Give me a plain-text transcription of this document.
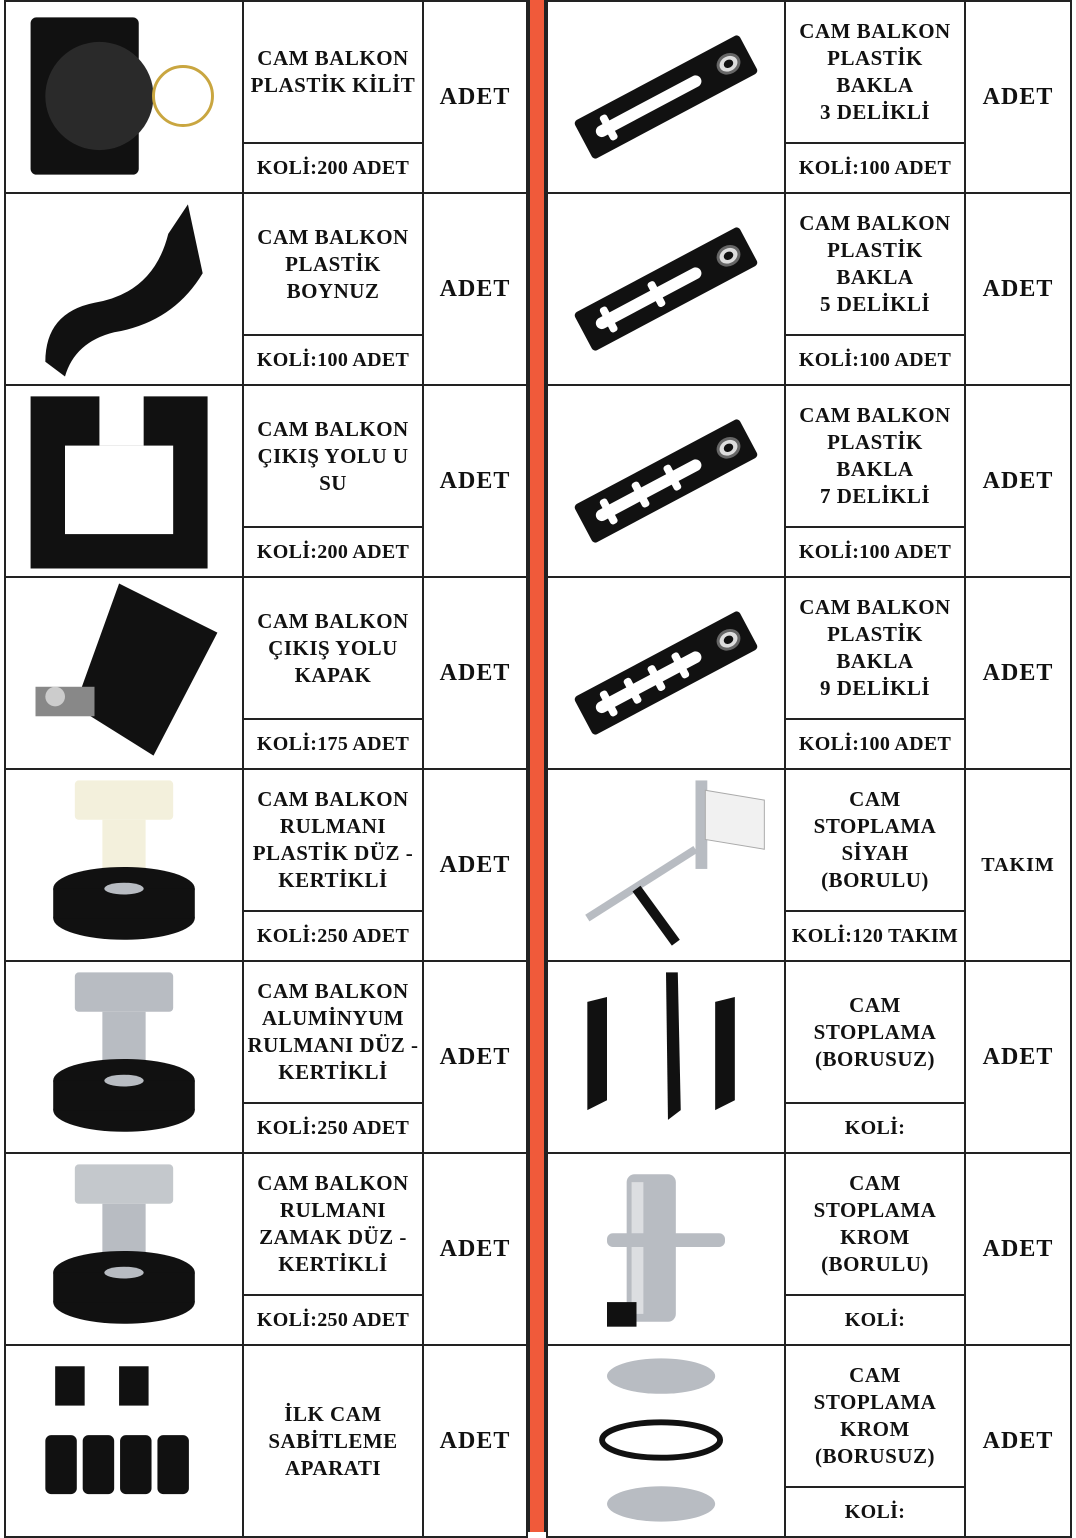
CAM BALKON
PLASTİK KİLİT
KOLİ:200 ADET
ADET
CAM BALKON
PLASTİK
BOYNUZ
KOLİ:100 ADET
ADET
CAM BALKON
ÇIKIŞ YOLU U
SU
KOLİ:200 ADET
ADET
CAM BALKON
ÇIKIŞ YOLU
KAPAK
KOLİ:175 ADET
ADET
CAM BALKON
RULMANI
PLASTİK DÜZ -
KERTİKLİ
KOLİ:250 ADET
ADET
CAM BALKON
ALUMİNYUM
RULMANI DÜZ -
KERTİKLİ
KOLİ:250 ADET
ADET
CAM BALKON
RULMANI
ZAMAK DÜZ -
KERTİKLİ
KOLİ:250 ADET
ADET
İLK CAM
SABİTLEME
APARATI
ADET
CAM BALKON
PLASTİK BAKLA
3 DELİKLİ
KOLİ:100 ADET
ADET
CAM BALKON
PLASTİK BAKLA
5 DELİKLİ
KOLİ:100 ADET
ADET
CAM BALKON
PLASTİK BAKLA
7 DELİKLİ
KOLİ:100 ADET
ADET
CAM BALKON
PLASTİK BAKLA
9 DELİKLİ
KOLİ:100 ADET
ADET
CAM
STOPLAMA
SİYAH
(BORULU)
KOLİ:120 TAKIM
TAKIM
CAM
STOPLAMA
(BORUSUZ)
KOLİ:
ADET
CAM
STOPLAMA
KROM
(BORULU)
KOLİ:
ADET
CAM
STOPLAMA
KROM
(BORUSUZ)
KOLİ:
ADET
